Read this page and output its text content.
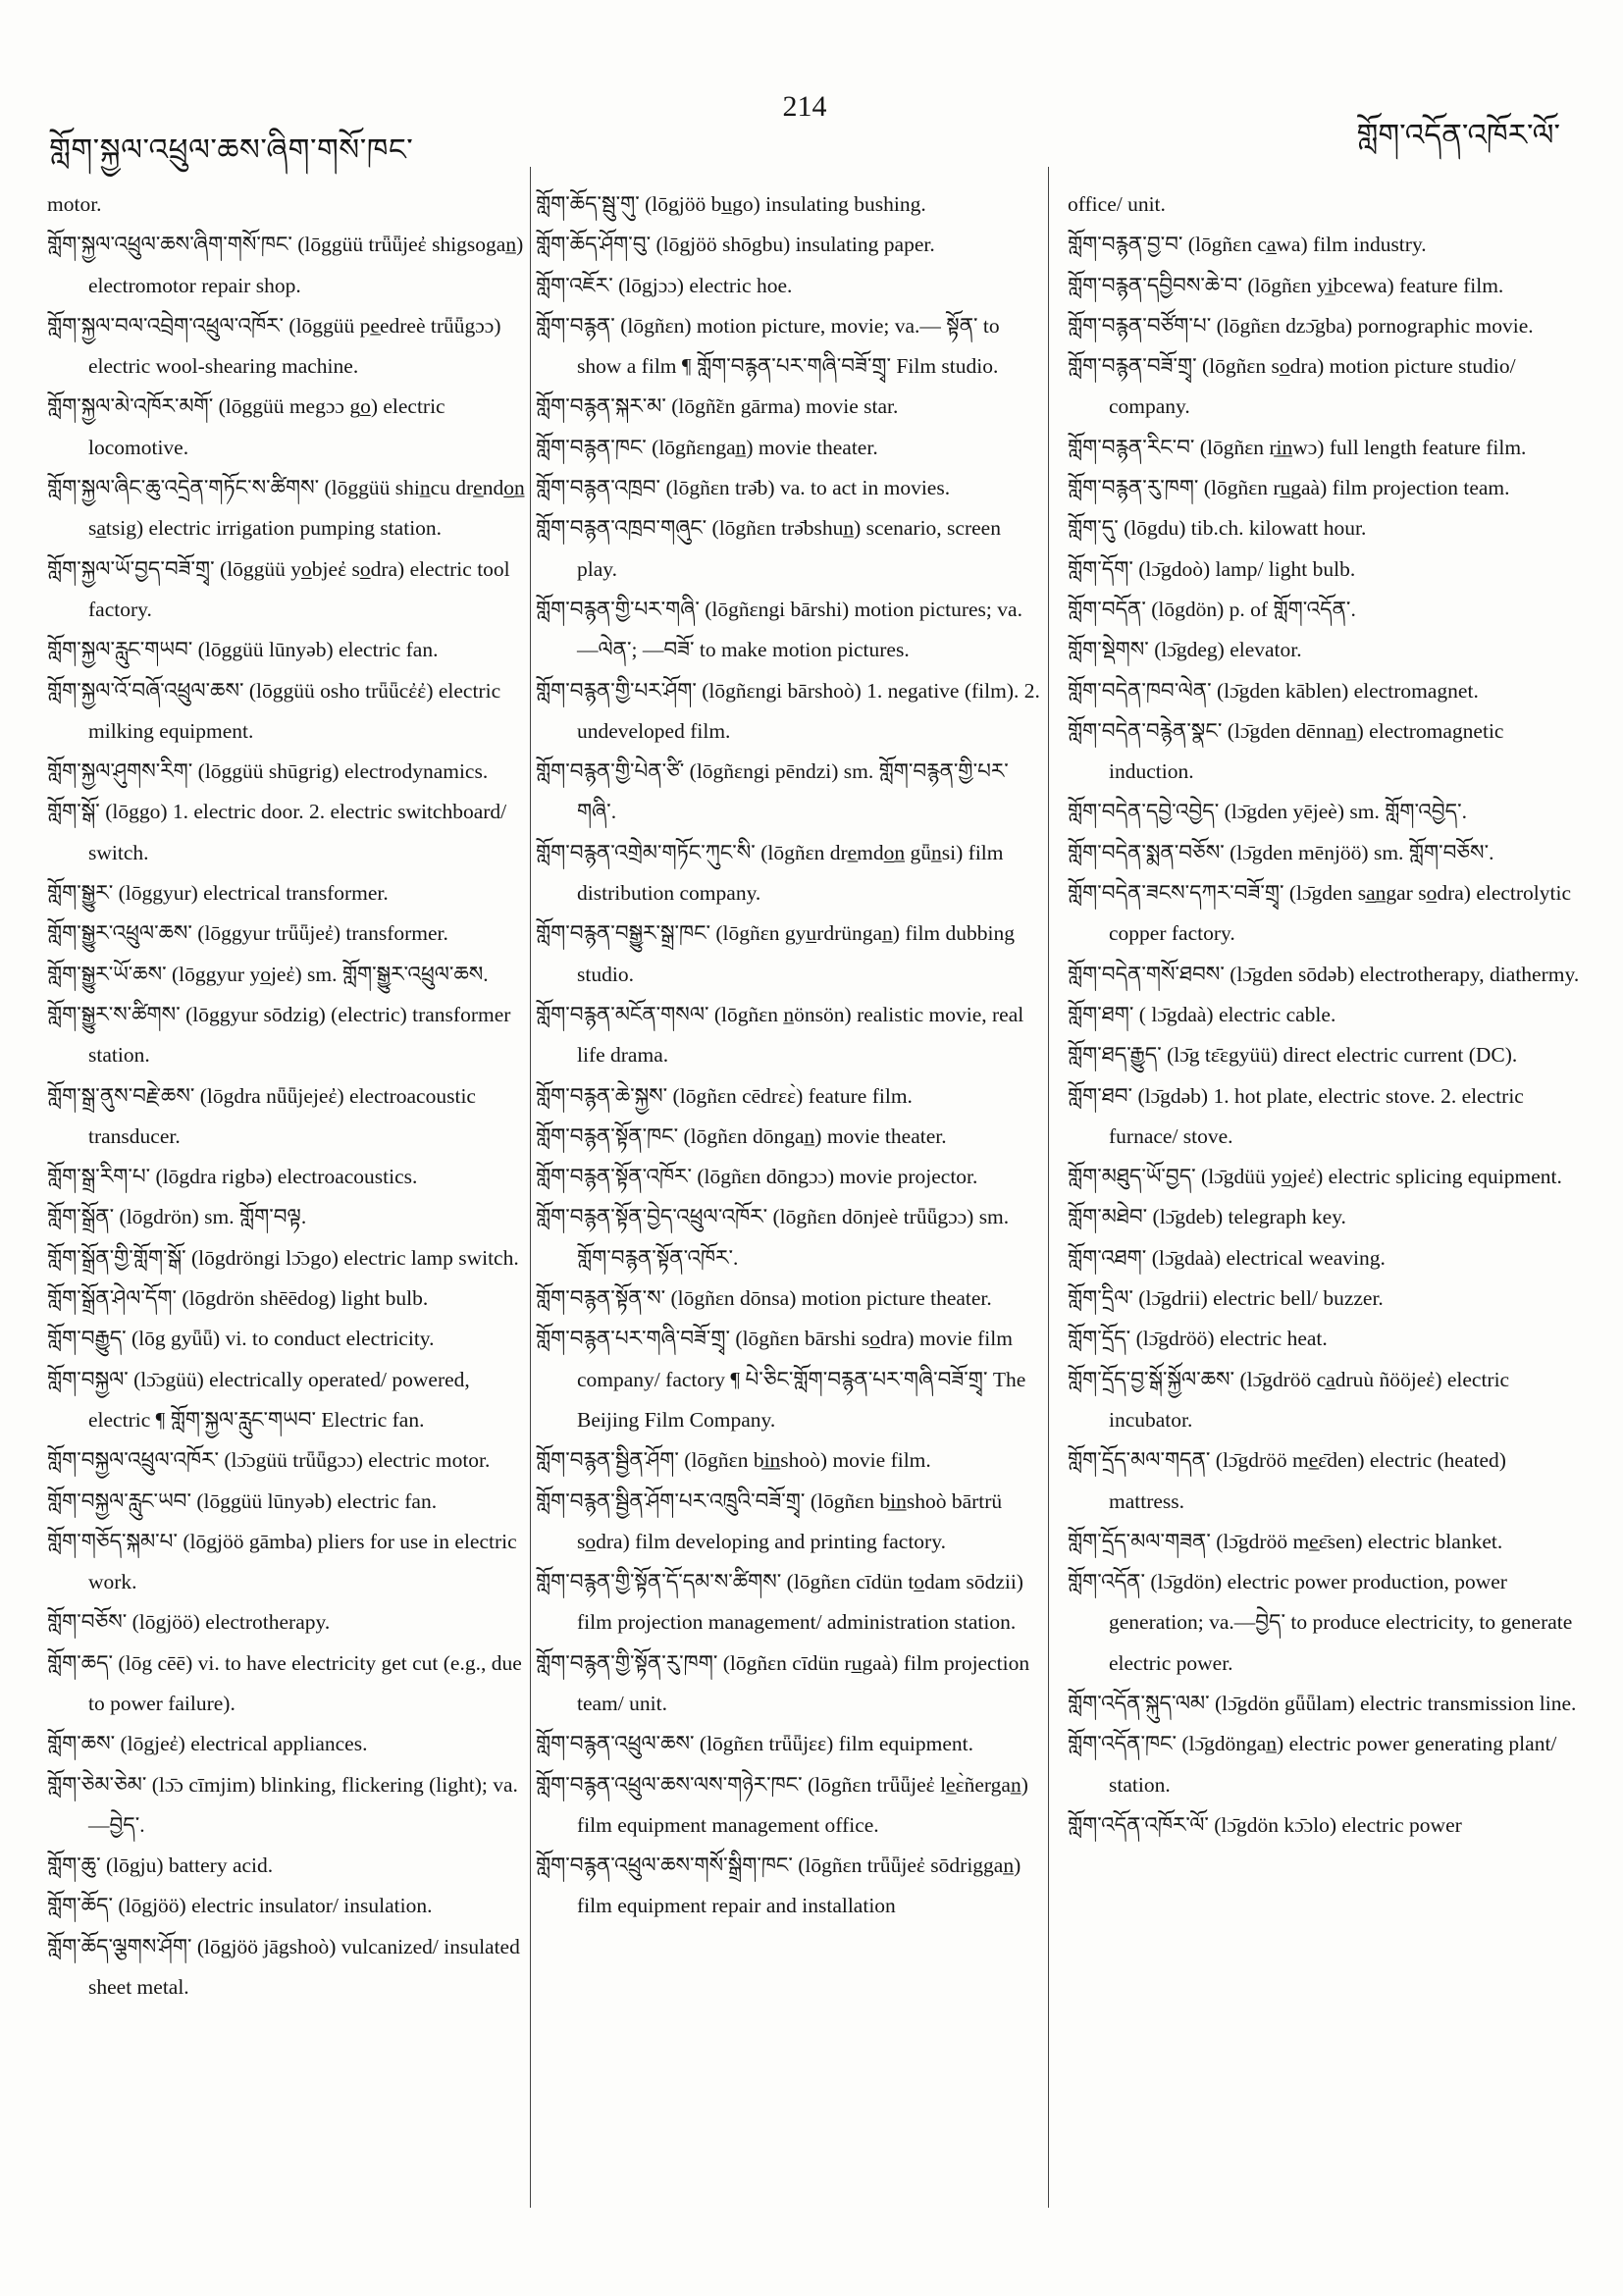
གློག་སྐྱལ་འཕྲུལ་ཆས་ཞིག་གསོ་ཁང་
214
གློག་འདོན་འཁོར་ལོ་
motor.
གློག་སྐྱལ་འཕྲུལ་ཆས་ཞིག་གསོ་ཁང་ (lōggüü trǖǖjeἐ shigsogan̲) electromotor repair shop.
གློག་སྐྱལ་བལ་འབྲེག་འཕྲུལ་འཁོར་ (lōggüü pe̲edreè trǖǖgɔɔ) electric wool-shearing machine.
གློག་སྐྱལ་མེ་འཁོར་མགོ་ (lōggüü megɔɔ go̲) electric locomotive.
གློག་སྐྱལ་ཞིང་ཆུ་འདྲེན་གཏོང་ས་ཚིགས་ (lōggüü shin̲cu dre̲ndo̲n̲ sa̲tsig) electric irrigation pumping station.
གློག་སྐྱལ་ཡོ་བྱད་བཟོ་གྲྭ་ (lōggüü yo̲bjeἐ so̲dra) electric tool factory.
གློག་སྐྱལ་རླུང་གཡབ་ (lōggüü lūnyəb) electric fan.
གློག་སྐྱལ་འོ་བཞོ་འཕྲུལ་ཆས་ (lōggüü osho trǖǖcἐἐ) electric milking equipment.
གློག་སྐྱལ་ཤུགས་རིག་ (lōggüü shūgrig) electrodynamics.
གློག་སྒོ་ (lōggo) 1. electric door. 2. electric switchboard/ switch.
གློག་སྒྱུར་ (lōggyur) electrical transformer.
གློག་སྒྱུར་འཕྲུལ་ཆས་ (lōggyur trǖǖjeἐ) transformer.
གློག་སྒྱུར་ཡོ་ཆས་ (lōggyur yo̲jeἐ) sm. གློག་སྒྱུར་འཕྲུལ་ཆས.
གློག་སྒྱུར་ས་ཚིགས་ (lōggyur sōdzig) (electric) transformer station.
གློག་སྒྲ་ནུས་བརྗེ་ཆས་ (lōgdra nǖǖjejeἐ) electroacoustic transducer.
གློག་སྒྲ་རིག་པ་ (lōgdra rigbə) electroacoustics.
གློག་སྒྲོན་ (lōgdrön) sm. གློག་བལྟ.
གློག་སྒྲོན་གྱི་གློག་སྒོ་ (lōgdröngi lɔ̄ɔgo) electric lamp switch.
གློག་སྒྲོན་ཤེལ་དོག་ (lōgdrön shēēdog) light bulb.
གློག་བརྒྱུད་ (lōg gyǖǖ) vi. to conduct electricity.
གློག་བསྐྱལ་ (lɔ̄ɔgüü) electrically operated/ powered, electric ¶ གློག་སྐྱལ་རླུང་གཡབ་ Electric fan.
གློག་བསྐྱལ་འཕྲུལ་འཁོར་ (lɔ̄ɔgüü trǖǖgɔɔ) electric motor.
གློག་བསྐྱལ་རླུང་ཡབ་ (lōggüü lūnyəb) electric fan.
གློག་གཅོད་སྐམ་པ་ (lōgjöö gāmba) pliers for use in electric work.
གློག་བཅོས་ (lōgjöö) electrotherapy.
གློག་ཆད་ (lōg cēē) vi. to have electricity get cut (e.g., due to power failure).
གློག་ཆས་ (lōgjeἐ) electrical appliances.
གློག་ཅེམ་ཅེམ་ (lɔ̄ɔ cīmjim) blinking, flickering (light); va.—བྱེད་.
གློག་ཆུ་ (lōgju) battery acid.
གློག་ཆོད་ (lōgjöö) electric insulator/ insulation.
གློག་ཆོད་ལྕགས་ཤོག་ (lōgjöö jāgshoò) vulcanized/ insulated sheet metal.
གློག་ཆོད་སྦུ་གུ་ (lōgjöö bu̲go) insulating bushing.
གློག་ཆོད་ཤོག་བུ་ (lōgjöö shōgbu) insulating paper.
གློག་འཇོར་ (lōgjɔɔ) electric hoe.
གློག་བརྙན་ (lōgñɛn) motion picture, movie; va.— སྟོན་ to show a film ¶ གློག་བརྙན་པར་གཞི་བཟོ་གྲྭ་ Film studio.
གློག་བརྙན་སྐར་མ་ (lōgñ̃ɛn gārma) movie star.
གློག་བརྙན་ཁང་ (lōgñɛngan̲) movie theater.
གློག་བརྙན་འཁྲབ་ (lōgñɛn trə̄b) va. to act in movies.
གློག་བརྙན་འཁྲབ་གཞུང་ (lōgñɛn trə̄bshun̲) scenario, screen play.
གློག་བརྙན་གྱི་པར་གཞི་ (lōgñɛngi bārshi) motion pictures; va.—ལེན་; —བཟོ་ to make motion pictures.
གློག་བརྙན་གྱི་པར་ཤོག་ (lōgñɛngi bārshoò) 1. negative (film). 2. undeveloped film.
གློག་བརྙན་གྱི་པེན་ཙི་ (lōgñɛngi pēndzi) sm. གློག་བརྙན་གྱི་པར་གཞི་.
གློག་བརྙན་འགྲེམ་གཏོང་ཀུང་སི་ (lōgñɛn dre̲mdo̲n̲ gǖn̲si) film distribution company.
གློག་བརྙན་བསྒྱུར་སྒྲ་ཁང་ (lōgñɛn gyu̲rdrüngan̲) film dubbing studio.
གློག་བརྙན་མངོན་གསལ་ (lōgñɛn n̲önsön) realistic movie, real life drama.
གློག་བརྙན་ཆེ་སྐྱས་ (lōgñɛn cēdrɛɛ̀) feature film.
གློག་བརྙན་སྟོན་ཁང་ (lōgñɛn dōngan̲) movie theater.
གློག་བརྙན་སྟོན་འཁོར་ (lōgñɛn dōngɔɔ) movie projector.
གློག་བརྙན་སྟོན་བྱེད་འཕྲུལ་འཁོར་ (lōgñɛn dōnjeè trǖǖgɔɔ) sm. གློག་བརྙན་སྟོན་འཁོར་.
གློག་བརྙན་སྟོན་ས་ (lōgñɛn dōnsa) motion picture theater.
གློག་བརྙན་པར་གཞི་བཟོ་གྲྭ་ (lōgñɛn bārshi so̲dra) movie film company/ factory ¶ པེ་ཅིང་གློག་བརྙན་པར་གཞི་བཟོ་གྲྭ་ The Beijing Film Company.
གློག་བརྙན་སྦྱིན་ཤོག་ (lōgñɛn bi̲n̲shoò) movie film.
གློག་བརྙན་སྦྱིན་ཤོག་པར་འཁྲུའི་བཟོ་གྲྭ་ (lōgñɛn bi̲n̲shoò bārtrü so̲dra) film developing and printing factory.
གློག་བརྙན་གྱི་སྟོན་དོ་དམ་ས་ཚིགས་ (lōgñɛn cīdün to̲dam sōdzii) film projection management/ administration station.
གློག་བརྙན་གྱི་སྟོན་རུ་ཁག་ (lōgñɛn cīdün ru̲gaà) film projection team/ unit.
གློག་བརྙན་འཕྲུལ་ཆས་ (lōgñɛn trǖǖjɛɛ) film equipment.
གློག་བརྙན་འཕྲུལ་ཆས་ལས་གཉེར་ཁང་ (lōgñɛn trǖǖjeἐ le̲ɛ̀ñergan̲) film equipment management office.
གློག་བརྙན་འཕྲུལ་ཆས་གསོ་སྒྲིག་ཁང་ (lōgñɛn trǖǖjeἐ sōdriggan̲) film equipment repair and installation
office/ unit.
གློག་བརྙན་བྱ་བ་ (lōgñɛn ca̲wa) film industry.
གློག་བརྙན་དབྱིབས་ཆེ་བ་ (lōgñɛn yi̲bcewa) feature film.
གློག་བརྙན་བཙོག་པ་ (lōgñɛn dzɔ̄gba) pornographic movie.
གློག་བརྙན་བཟོ་གྲྭ་ (lōgñɛn so̲dra) motion picture studio/ company.
གློག་བརྙན་རིང་བ་ (lōgñɛn ri̲n̲wɔ) full length feature film.
གློག་བརྙན་རུ་ཁག་ (lōgñɛn ru̲gaà) film projection team.
གློག་དུ་ (lōgdu) tib.ch. kilowatt hour.
གློག་དོག་ (lɔ̄gdoò) lamp/ light bulb.
གློག་བདོན་ (lōgdön) p. of གློག་འདོན་.
གློག་སྡེགས་ (lɔ̄gdeg) elevator.
གློག་བདེན་ཁབ་ལེན་ (lɔ̄gden kāblen) electromagnet.
གློག་བདེན་བརྙེན་སྣང་ (lɔ̄gden dēnnan̲) electromagnetic induction.
གློག་བདེན་དབྱེ་འབྱེད་ (lɔ̄gden yējeè) sm. གློག་འབྱེད་.
གློག་བདེན་སྨན་བཅོས་ (lɔ̄gden mēnjöö) sm. གློག་བཅོས་.
གློག་བདེན་ཟངས་དཀར་བཟོ་གྲྭ་ (lɔ̄gden sa̲n̲gar so̲dra) electrolytic copper factory.
གློག་བདེན་གསོ་ཐབས་ (lɔ̄gden sōdəb) electrotherapy, diathermy.
གློག་ཐག་ ( lɔ̄gdaà) electric cable.
གློག་ཐད་རྒྱུད་ (lɔ̄g tɛ̄ɛgyüü) direct electric current (DC).
གློག་ཐབ་ (lɔ̄gdəb) 1. hot plate, electric stove. 2. electric furnace/ stove.
གློག་མཐུད་ཡོ་བྱད་ (lɔ̄gdüü yo̲jeἐ) electric splicing equipment.
གློག་མཐེབ་ (lɔ̄gdeb) telegraph key.
གློག་འཐག་ (lɔ̄gdaà) electrical weaving.
གློག་དྲིལ་ (lɔ̄gdrii) electric bell/ buzzer.
གློག་དྲོད་ (lɔ̄gdröö) electric heat.
གློག་དྲོད་བྱ་སྒོ་སྐྱོལ་ཆས་ (lɔ̄gdröö ca̲druù ñööjeἐ) electric incubator.
གློག་དྲོད་མལ་གདན་ (lɔ̄gdröö me̲ɛ̄den) electric (heated) mattress.
གློག་དྲོད་མལ་གཟན་ (lɔ̄gdröö me̲ɛ̄sen) electric blanket.
གློག་འདོན་ (lɔ̄gdön) electric power production, power generation; va.—བྱེད་ to produce electricity, to generate electric power.
གློག་འདོན་སྐུད་ལམ་ (lɔ̄gdön gǖǖlam) electric transmission line.
གློག་འདོན་ཁང་ (lɔ̄gdöngan̲) electric power generating plant/ station.
གློག་འདོན་འཁོར་ལོ་ (lɔ̄gdön kɔ̄ɔlo) electric power
